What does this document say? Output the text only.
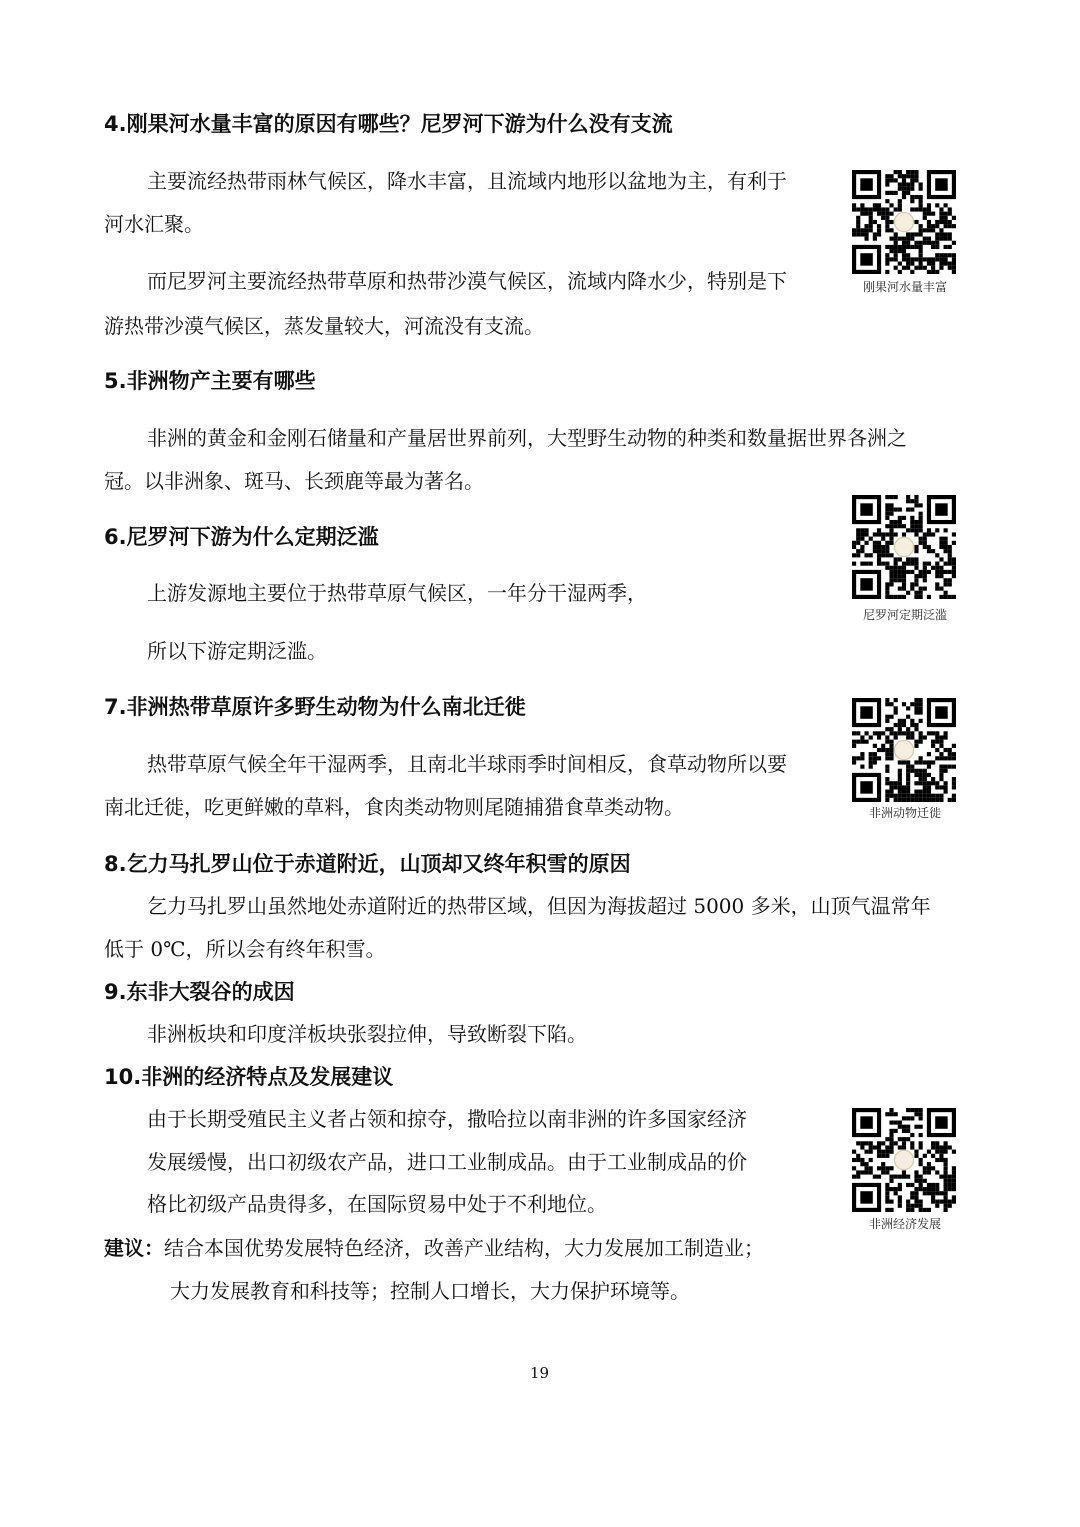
4.刚果河水量丰富的原因有哪些？尼罗河下游为什么没有支流
主要流经热带雨林气候区，降水丰富，且流域内地形以盆地为主，有利于
河水汇聚。
而尼罗河主要流经热带草原和热带沙漠气候区，流域内降水少，特别是下
游热带沙漠气候区，蒸发量较大，河流没有支流。
5.非洲物产主要有哪些
非洲的黄金和金刚石储量和产量居世界前列，大型野生动物的种类和数量据世界各洲之
冠。以非洲象、斑马、长颈鹿等最为著名。
6.尼罗河下游为什么定期泛滥
上游发源地主要位于热带草原气候区，一年分干湿两季，
所以下游定期泛滥。
7.非洲热带草原许多野生动物为什么南北迁徙
热带草原气候全年干湿两季，且南北半球雨季时间相反，食草动物所以要
南北迁徙，吃更鲜嫩的草料，食肉类动物则尾随捕猎食草类动物。
8.乞力马扎罗山位于赤道附近，山顶却又终年积雪的原因
乞力马扎罗山虽然地处赤道附近的热带区域，但因为海拔超过 5000 多米，山顶气温常年
低于 0℃，所以会有终年积雪。
9.东非大裂谷的成因
非洲板块和印度洋板块张裂拉伸，导致断裂下陷。
10.非洲的经济特点及发展建议
由于长期受殖民主义者占领和掠夺，撒哈拉以南非洲的许多国家经济
发展缓慢，出口初级农产品，进口工业制成品。由于工业制成品的价
格比初级产品贵得多，在国际贸易中处于不利地位。
建议：结合本国优势发展特色经济，改善产业结构，大力发展加工制造业；
大力发展教育和科技等；控制人口增长，大力保护环境等。
刚果河水量丰富
尼罗河定期泛滥
非洲动物迁徙
非洲经济发展
19
